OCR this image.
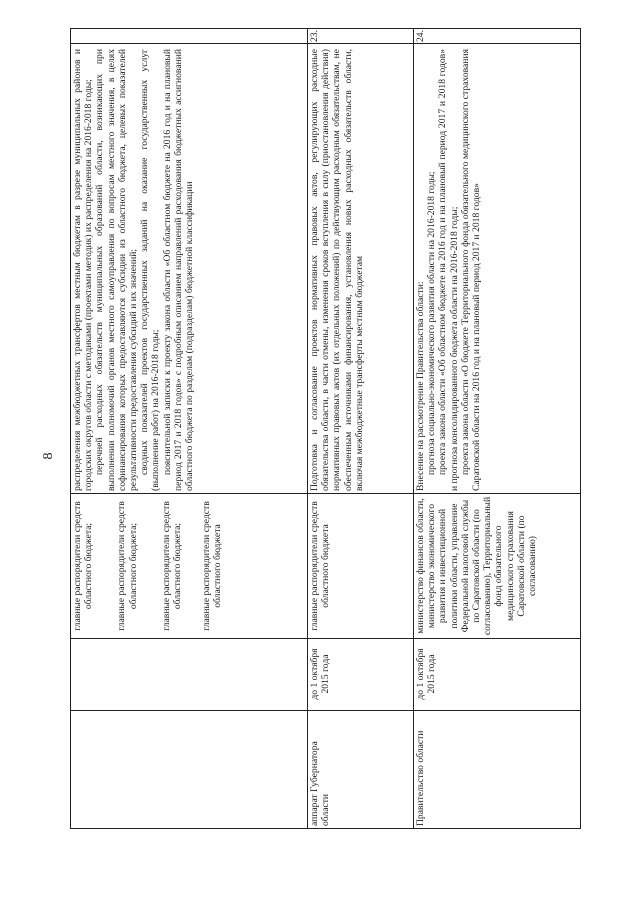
8 распределения межбюджетных трансфертов местным бюджетам в разрезе муниципальных районов и городских округов области с методиками (проектами методик) их распределения на 2016-2018 годы; перечней расходных обязательств муниципальных образований области, возникающих при выполнении полномочий органов местного самоуправления по вопросам местного значения, в целях софинансирования которых предоставляются субсидии из областного бюджета, целевых показателей результативности предоставления субсидий и их значений; сводных показателей проектов государственных заданий на оказание государственных услуг (выполнение работ) на 2016-2018 годы; пояснительной записки к проекту закона области «Об областном бюджете на 2016 год и на плановый период 2017 и 2018 годов» с подробным описанием направлений расходования бюджетных ассигнований областного бюджета по разделам (подразделам) бюджетной классификации

главные распорядители средств областного бюджета; главные распорядители средств областного бюджета; главные распорядители средств областного бюджета; главные распорядители средств областного бюджета

23.

Подготовка и согласование проектов нормативных правовых актов, регулирующих расходные обязательства области, в части отмены, изменения сроков вступления в силу (приостановления действия) нормативных правовых актов (их отдельных положений) по действующим расходным обязательствам, не обеспеченным источниками финансирования, установления новых расходных обязательств области, включая межбюджетные трансферты местным бюджетам

главные распорядители средств областного бюджета

до 1 октября 2015 года

аппарат Губернатора области

24.

Внесение на рассмотрение Правительства области: прогноза социально-экономического развития области на 2016-2018 годы; проекта закона области «Об областном бюджете на 2016 год и на плановый период 2017 и 2018 годов» и прогноза консолидированного бюджета области на 2016-2018 годы; проекта закона области «О бюджете Территориального фонда обязательного медицинского страхования Саратовской области на 2016 год и на плановый период 2017 и 2018 годов»

министерство финансов области, министерство экономического развития и инвестиционной политики области, управление Федеральной налоговой службы по Саратовской области (по согласованию), Территориальный фонд обязательного медицинского страхования Саратовской области (по согласованию)

до 1 октября 2015 года

Правительство области
